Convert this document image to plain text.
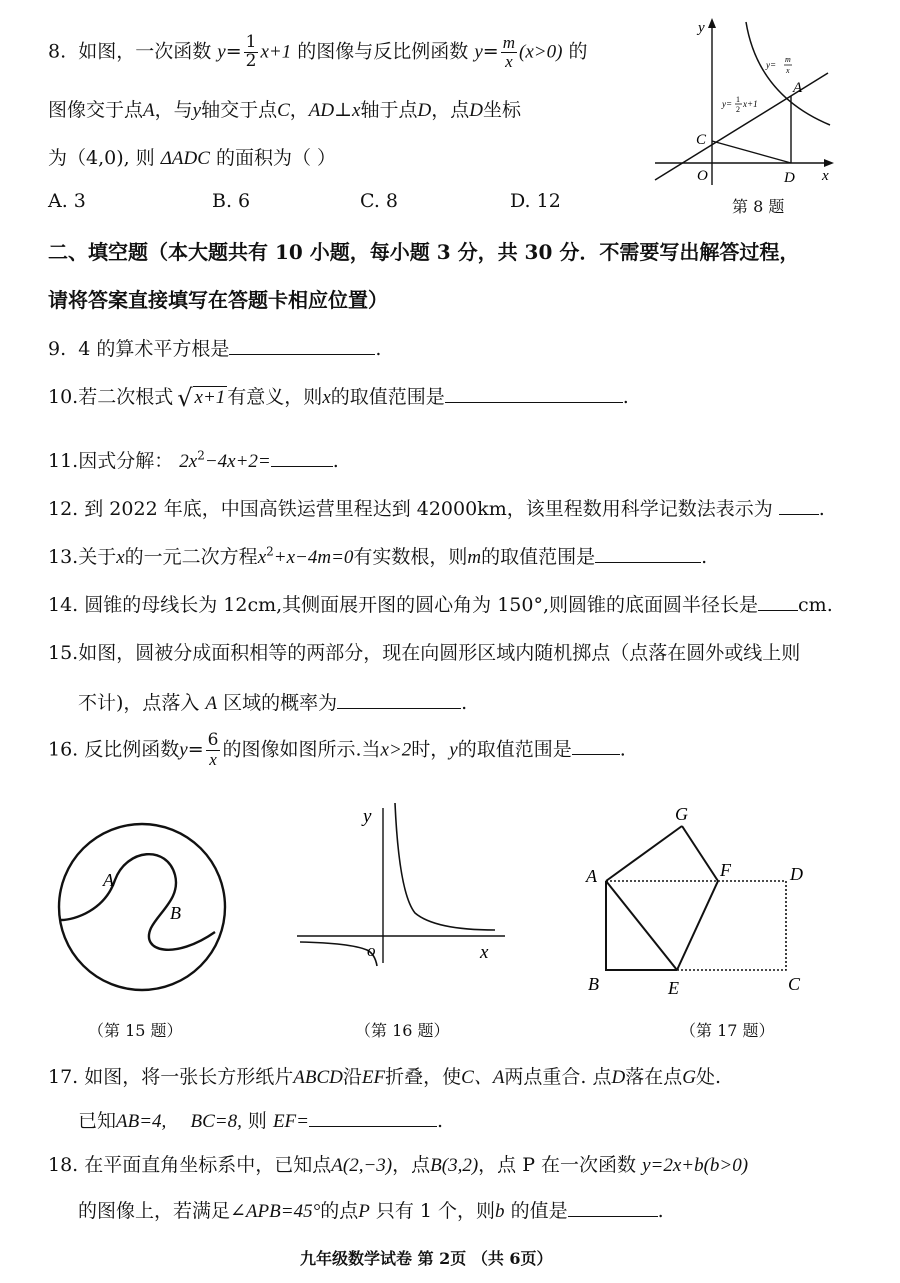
8. 如图，一次函数 $y= \frac{1}{2} x+1$ 的图像与反比例函数 $y= \frac{m}{x} (x>0)$ 的
图像交于点A，与y轴交于点C，AD⊥x轴于点D，点D坐标
为（4,0), 则 ΔADC 的面积为（ ）
A. 3	B. 6	C. 8	D. 12
y
x
O
A
C
D
y=
m
x
y= 1
2
x+1
第 8 题
二、填空题（本大题共有 10 小题，每小题 3 分，共 30 分．不需要写出解答过程，
请将答案直接填写在答题卡相应位置）
9. 4 的算术平方根是	.
10.若二次根式 √ x+1 有意义，则x的取值范围是	.
11.因式分解： $2x^2-4x+2=$	.
12. 到 2022 年底，中国高铁运营里程达到 42000km，该里程数用科学记数法表示为 .
13.关于x的一元二次方程$x^2+x-4m=0$有实数根，则m的取值范围是	.
14. 圆锥的母线长为 12cm,其侧面展开图的圆心角为 150°,则圆锥的底面圆半径长是 cm.
15.如图，圆被分成面积相等的两部分，现在向圆形区域内随机掷点（点落在圆外或线上则
不计)，点落入 A 区域的概率为	.
16. 反比例函数$y= \frac{6}{x}$ 的图像如图所示.当x>2时，y的取值范围是	.
A
B
（第 15 题）
y
x
o
（第 16 题）
G
A	F	D
B	E	C
（第 17 题）
17. 如图，将一张长方形纸片ABCD沿EF折叠，使C、A两点重合. 点D落在点G处.
已知AB=4, BC=8, 则 EF=	.
18. 在平面直角坐标系中，已知点A(2,−3)，点B(3,2)，点 P 在一次函数 y=2x+b(b>0)
的图像上，若满足∠APB=45°的点P 只有 1 个，则b 的值是	.
九年级数学试卷 第 2页 （共 6页）
